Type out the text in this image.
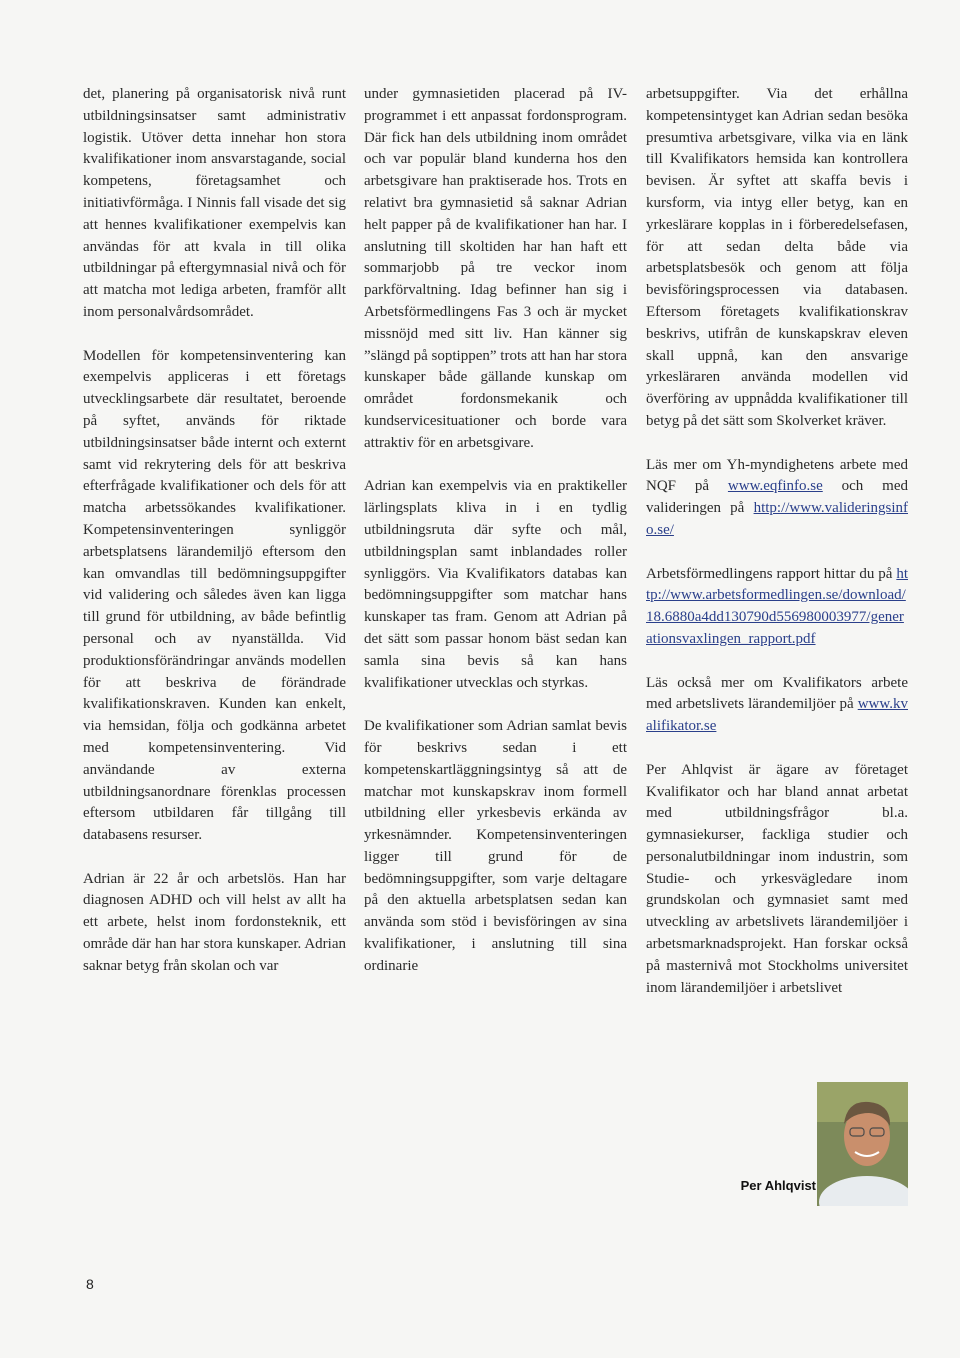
det, planering på organisatorisk nivå runt utbildningsinsatser samt administrativ logistik. Utöver detta innehar hon stora kvalifikationer inom ansvarstagande, social kompetens, företagsamhet och initiativförmåga. I Ninnis fall visade det sig att hennes kvalifikationer exempelvis kan användas för att kvala in till olika utbildningar på eftergymnasial nivå och för att matcha mot lediga arbeten, framför allt inom personalvårdsområdet.

Modellen för kompetensinventering kan exempelvis appliceras i ett företags utvecklingsarbete där resultatet, beroende på syftet, används för riktade utbildningsinsatser både internt och externt samt vid rekrytering dels för att beskriva efterfrågade kvalifikationer och dels för att matcha arbetssökandes kvalifikationer. Kompetensinventeringen synliggör arbetsplatsens lärandemiljö eftersom den kan omvandlas till bedömningsuppgifter vid validering och således även kan ligga till grund för utbildning, av både befintlig personal och av nyanställda. Vid produktionsförändringar används modellen för att beskriva de förändrade kvalifikationskraven. Kunden kan enkelt, via hemsidan, följa och godkänna arbetet med kompetensinventering. Vid användande av externa utbildningsanordnare förenklas processen eftersom utbildaren får tillgång till databasens resurser.

Adrian är 22 år och arbetslös. Han har diagnosen ADHD och vill helst av allt ha ett arbete, helst inom fordonsteknik, ett område där han har stora kunskaper. Adrian saknar betyg från skolan och var

under gymnasietiden placerad på IV-programmet i ett anpassat fordonsprogram. Där fick han dels utbildning inom området och var populär bland kunderna hos den arbetsgivare han praktiserade hos. Trots en relativt bra gymnasietid så saknar Adrian helt papper på de kvalifikationer han har. I anslutning till skoltiden har han haft ett sommarjobb på tre veckor inom parkförvaltning. Idag befinner han sig i Arbetsförmedlingens Fas 3 och är mycket missnöjd med sitt liv. Han känner sig ”slängd på soptippen” trots att han har stora kunskaper både gällande kunskap om området fordonsmekanik och kundservicesituationer och borde vara attraktiv för en arbetsgivare.

Adrian kan exempelvis via en praktikeller lärlingsplats kliva in i en tydlig utbildningsruta där syfte och mål, utbildningsplan samt inblandades roller synliggörs. Via Kvalifikators databas kan bedömningsuppgifter som matchar hans kunskaper tas fram. Genom att Adrian på det sätt som passar honom bäst sedan kan samla sina bevis så kan hans kvalifikationer utvecklas och styrkas.

De kvalifikationer som Adrian samlat bevis för beskrivs sedan i ett kompetenskartläggningsintyg så att de matchar mot kunskapskrav inom formell utbildning eller yrkesbevis erkända av yrkesnämnder. Kompetensinventeringen ligger till grund för de bedömningsuppgifter, som varje deltagare på den aktuella arbetsplatsen sedan kan använda som stöd i bevisföringen av sina kvalifikationer, i anslutning till sina ordinarie

arbetsuppgifter. Via det erhållna kompetensintyget kan Adrian sedan besöka presumtiva arbetsgivare, vilka via en länk till Kvalifikators hemsida kan kontrollera bevisen. Är syftet att skaffa bevis i kursform, via intyg eller betyg, kan en yrkeslärare kopplas in i förberedelsefasen, för att sedan delta både via arbetsplatsbesök och genom att följa bevisföringsprocessen via databasen. Eftersom företagets kvalifikationskrav beskrivs, utifrån de kunskapskrav eleven skall uppnå, kan den ansvarige yrkesläraren använda modellen vid överföring av uppnådda kvalifikationer till betyg på det sätt som Skolverket kräver.

Läs mer om Yh-myndighetens arbete med NQF på www.eqfinfo.se och med valideringen på http://www.valideringsinfo.se/

Arbetsförmedlingens rapport hittar du på http://www.arbetsformedlingen.se/download/18.6880a4dd130790d556980003977/generationsvaxlingen_rapport.pdf

Läs också mer om Kvalifikators arbete med arbetslivets lärandemiljöer på www.kvalifikator.se

Per Ahlqvist är ägare av företaget Kvalifikator och har bland annat arbetat med utbildningsfrågor bl.a. gymnasiekurser, fackliga studier och personalutbildningar inom industrin, som Studie- och yrkesvägledare inom grundskolan och gymnasiet samt med utveckling av arbetslivets lärandemiljöer i arbetsmarknadsprojekt. Han forskar också på masternivå mot Stockholms universitet inom lärandemiljöer i arbetslivet

Per Ahlqvist
8
